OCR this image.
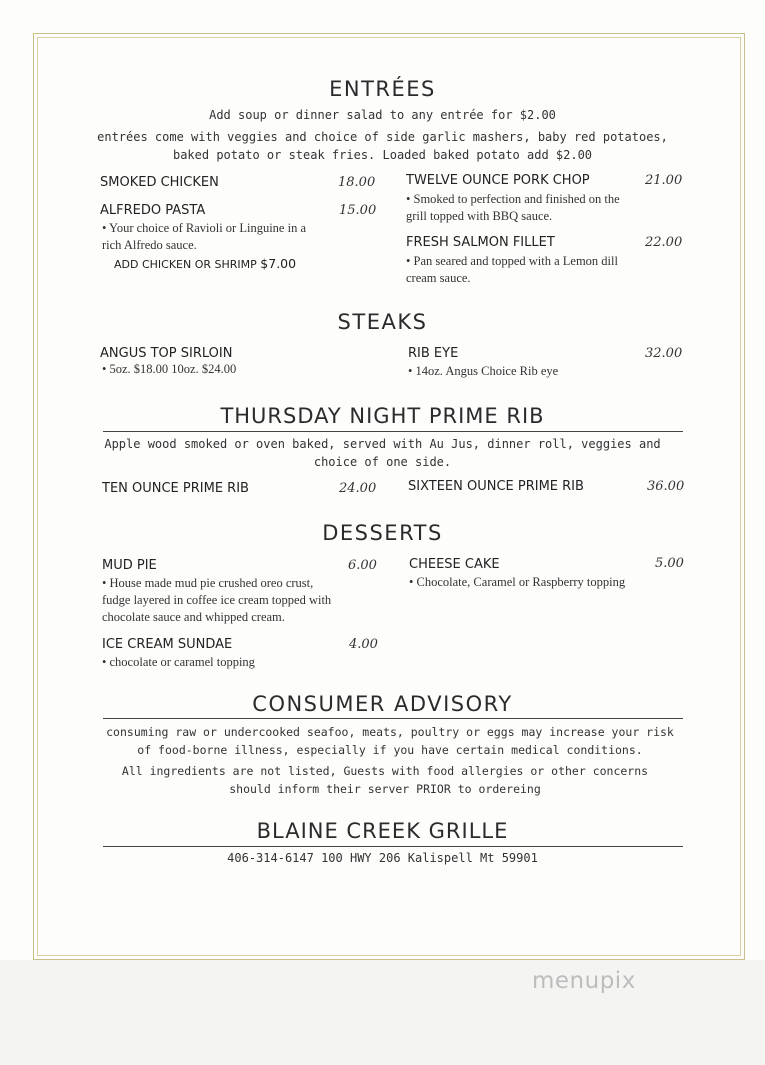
ENTRÉES
Add soup or dinner salad to any entrée for $2.00
entrées come with veggies and choice of side garlic mashers, baby red potatoes, baked potato or steak fries. Loaded baked potato add $2.00
SMOKED CHICKEN	18.00
ALFREDO PASTA	15.00
• Your choice of Ravioli or Linguine in a rich Alfredo sauce.
ADD CHICKEN OR SHRIMP $7.00
TWELVE OUNCE PORK CHOP	21.00
• Smoked to perfection and finished on the grill topped with BBQ sauce.
FRESH SALMON FILLET	22.00
• Pan seared and topped with a Lemon dill cream sauce.
STEAKS
ANGUS TOP SIRLOIN
• 5oz. $18.00 10oz. $24.00
RIB EYE	32.00
• 14oz. Angus Choice Rib eye
THURSDAY NIGHT PRIME RIB
Apple wood smoked or oven baked, served with Au Jus, dinner roll, veggies and choice of one side.
TEN OUNCE PRIME RIB	24.00 SIXTEEN OUNCE PRIME RIB	36.00
DESSERTS
MUD PIE	6.00
• House made mud pie crushed oreo crust, fudge layered in coffee ice cream topped with chocolate sauce and whipped cream.
ICE CREAM SUNDAE	4.00
• chocolate or caramel topping
CHEESE CAKE	5.00
• Chocolate, Caramel or Raspberry topping
CONSUMER ADVISORY
consuming raw or undercooked seafoo, meats, poultry or eggs may increase your risk of food-borne illness, especially if you have certain medical conditions.
All ingredients are not listed, Guests with food allergies or other concerns should inform their server PRIOR to ordereing
BLAINE CREEK GRILLE
406-314-6147 100 HWY 206 Kalispell Mt 59901
menupix
